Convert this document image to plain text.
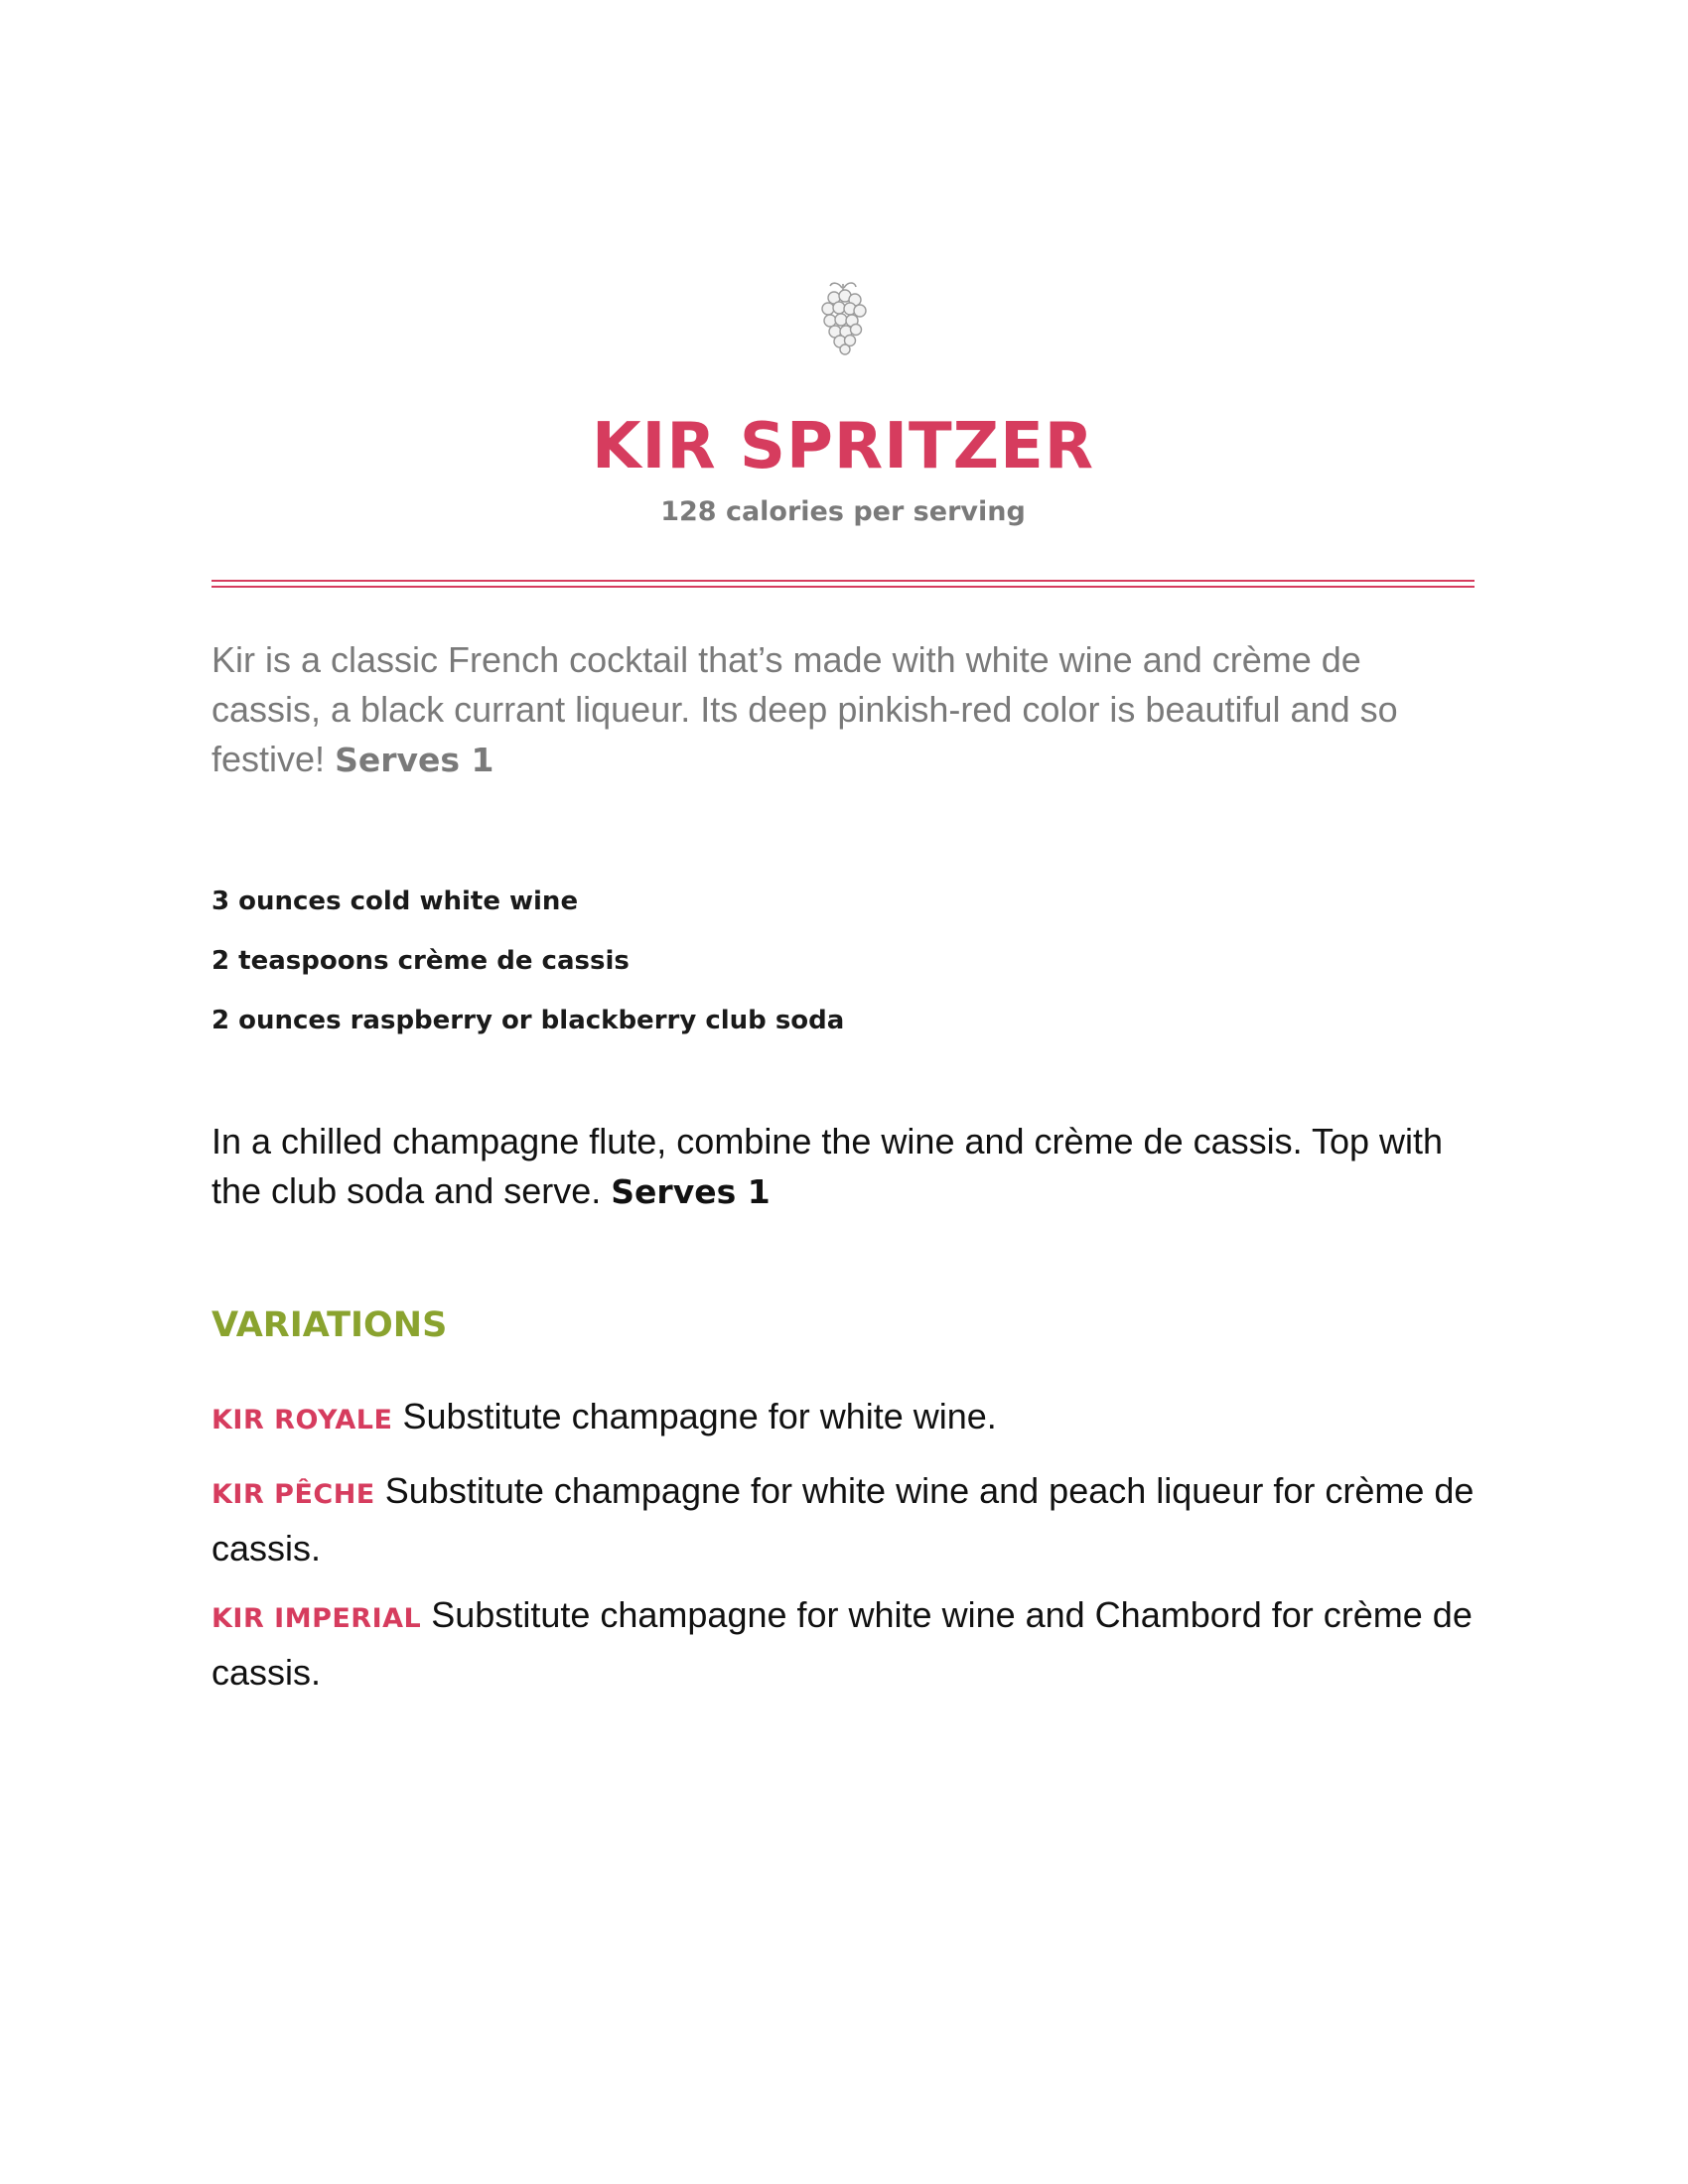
KIR SPRITZER
128 calories per serving

Kir is a classic French cocktail that’s made with white wine and crème de cassis, a black currant liqueur. Its deep pinkish-red color is beautiful and so festive! Serves 1

3 ounces cold white wine
2 teaspoons crème de cassis
2 ounces raspberry or blackberry club soda

In a chilled champagne flute, combine the wine and crème de cassis. Top with the club soda and serve. Serves 1

VARIATIONS

KIR ROYALE Substitute champagne for white wine.

KIR PÊCHE Substitute champagne for white wine and peach liqueur for crème de cassis.

KIR IMPERIAL Substitute champagne for white wine and Chambord for crème de cassis.
